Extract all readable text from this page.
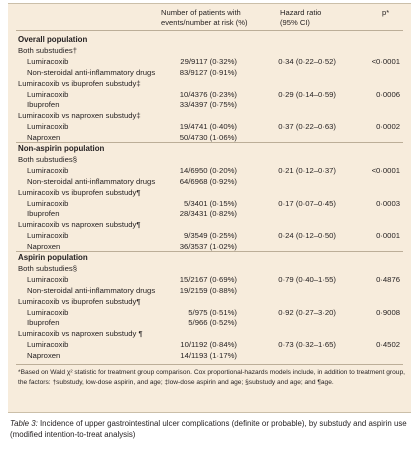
Number of patients with
events/number at risk (%)
Hazard ratio
(95% CI)
p*
Overall population
Both substudies†
Lumiracoxib	29/9117 (0·32%)	0·34 (0·22–0·52)	<0·0001
Non-steroidal anti-inflammatory drugs	83/9127 (0·91%)
Lumiracoxib vs ibuprofen substudy‡
Lumiracoxib	10/4376 (0·23%)	0·29 (0·14–0·59)	0·0006
Ibuprofen	33/4397 (0·75%)
Lumiracoxib vs naproxen substudy‡
Lumiracoxib	19/4741 (0·40%)	0·37 (0·22–0·63)	0·0002
Naproxen	50/4730 (1·06%)
Non-aspirin population
Both substudies§
Lumiracoxib	14/6950 (0·20%)	0·21 (0·12–0·37)	<0·0001
Non-steroidal anti-inflammatory drugs	64/6968 (0·92%)
Lumiracoxib vs ibuprofen substudy¶
Lumiracoxib	5/3401 (0·15%)	0·17 (0·07–0·45)	0·0003
Ibuprofen	28/3431 (0·82%)
Lumiracoxib vs naproxen substudy¶
Lumiracoxib	9/3549 (0·25%)	0·24 (0·12–0·50)	0·0001
Naproxen	36/3537 (1·02%)
Aspirin population
Both substudies§
Lumiracoxib	15/2167 (0·69%)	0·79 (0·40–1·55)	0·4876
Non-steroidal anti-inflammatory drugs	19/2159 (0·88%)
Lumiracoxib vs ibuprofen substudy¶
Lumiracoxib	5/975 (0·51%)	0·92 (0·27–3·20)	0·9008
Ibuprofen	5/966 (0·52%)
Lumiracoxib vs naproxen substudy ¶
Lumiracoxib	10/1192 (0·84%)	0·73 (0·32–1·65)	0·4502
Naproxen	14/1193 (1·17%)
*Based on Wald χ² statistic for treatment group comparison. Cox proportional-hazards models include, in addition to treatment group, the factors: †substudy, low-dose aspirin, and age; ‡low-dose aspirin and age; §substudy and age; and ¶age.
Table 3: Incidence of upper gastrointestinal ulcer complications (definite or probable), by substudy and aspirin use (modified intention-to-treat analysis)
